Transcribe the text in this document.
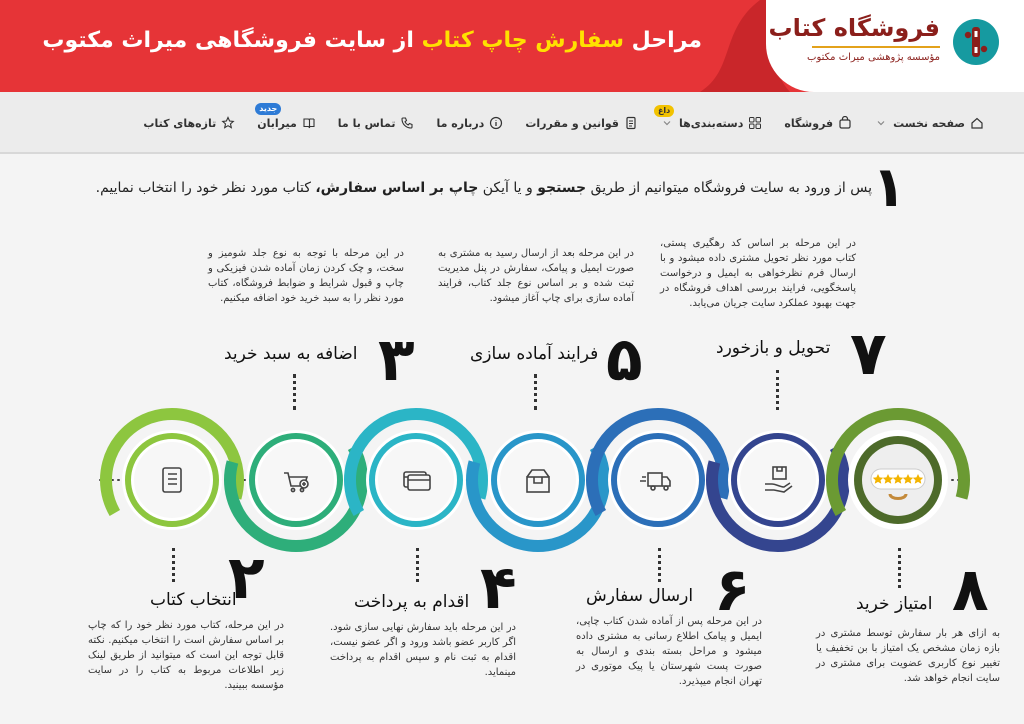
فروشگاه کتاب
مؤسسه پژوهشی میراث مکتوب
مراحل سفارش چاپ کتاب از سایت فروشگاهی میراث مکتوب
صفحه نخست
فروشگاه
دسته‌بندی‌ها
داغ
قوانین و مقررات
درباره ما
تماس با ما
میرابان
جدید
تازه‌های کتاب
۱
پس از ورود به سایت فروشگاه میتوانیم از طریق جستجو و یا آیکن چاپ بر اساس سفارش، کتاب مورد نظر خود را انتخاب نماییم.
در این مرحله با توجه به نوع جلد شومیز و سخت، و چک کردن زمان آماده شدن فیزیکی و چاپ و قبول شرایط و ضوابط فروشگاه، کتاب مورد نظر را به سبد خرید خود اضافه میکنیم.
۳
اضافه به سبد خرید
در این مرحله بعد از ارسال رسید به مشتری به صورت ایمیل و پیامک، سفارش در پنل مدیریت ثبت شده و بر اساس نوع جلد کتاب، فرایند آماده سازی برای چاپ آغاز میشود.
۵
فرایند آماده سازی
در این مرحله بر اساس کد رهگیری پستی، کتاب مورد نظر تحویل مشتری داده میشود و با ارسال فرم نظرخواهی به ایمیل و درخواست پاسخگویی، فرایند بررسی اهداف فروشگاه در جهت بهبود عملکرد سایت جریان می‌یابد.
۷
تحویل و بازخورد
۲
انتخاب کتاب
در این مرحله، کتاب مورد نظر خود را که چاپ بر اساس سفارش است را انتخاب میکنیم. نکته قابل توجه این است که میتوانید از طریق لینک زیر اطلاعات مربوط به کتاب را در سایت مؤسسه ببینید.
۴
اقدام به پرداخت
در این مرحله باید سفارش نهایی سازی شود. اگر کاربر عضو باشد ورود و اگر عضو نیست، اقدام به ثبت نام و سپس اقدام به پرداخت مینماید.
۶
ارسال سفارش
در این مرحله پس از آماده شدن کتاب چاپی، ایمیل و پیامک اطلاع رسانی به مشتری داده میشود و مراحل بسته بندی و ارسال به صورت پست شهرستان یا پیک موتوری در تهران انجام میپذیرد.
۸
امتیاز خرید
به ازای هر بار سفارش توسط مشتری در بازه زمان مشخص یک امتیاز با بن تخفیف یا تغییر نوع کاربری عضویت برای مشتری در سایت انجام خواهد شد.
